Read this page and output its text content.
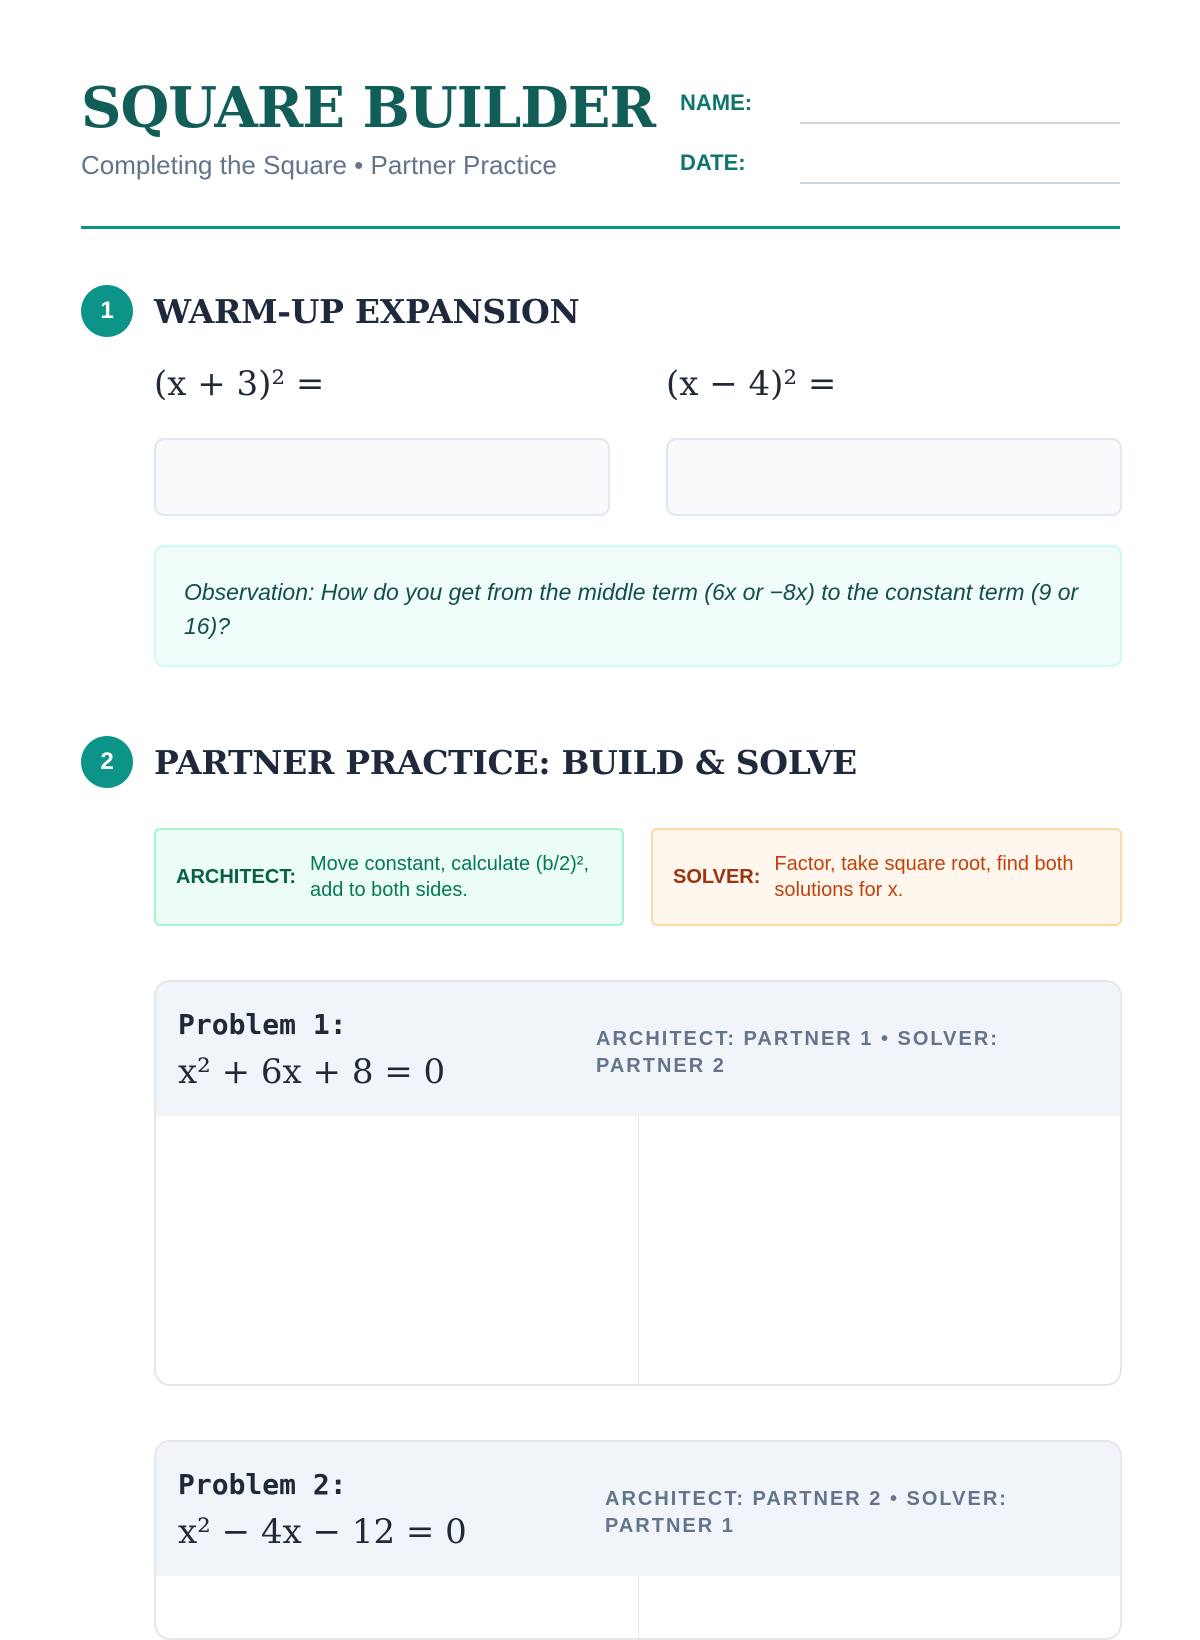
SQUARE BUILDER
Completing the Square • Partner Practice
NAME:
DATE:
1	WARM-UP EXPANSION
(x + 3)² =	(x − 4)² =
Observation: How do you get from the middle term (6x or −8x) to the constant term (9 or 16)?
2	PARTNER PRACTICE: BUILD & SOLVE
ARCHITECT:
Move constant, calculate (b/2)², add to both sides.
SOLVER:
Factor, take square root, find both solutions for x.
Problem 1:
x² + 6x + 8 = 0
ARCHITECT: PARTNER 1 • SOLVER: PARTNER 2
Problem 2:
x² − 4x − 12 = 0
ARCHITECT: PARTNER 2 • SOLVER: PARTNER 1
